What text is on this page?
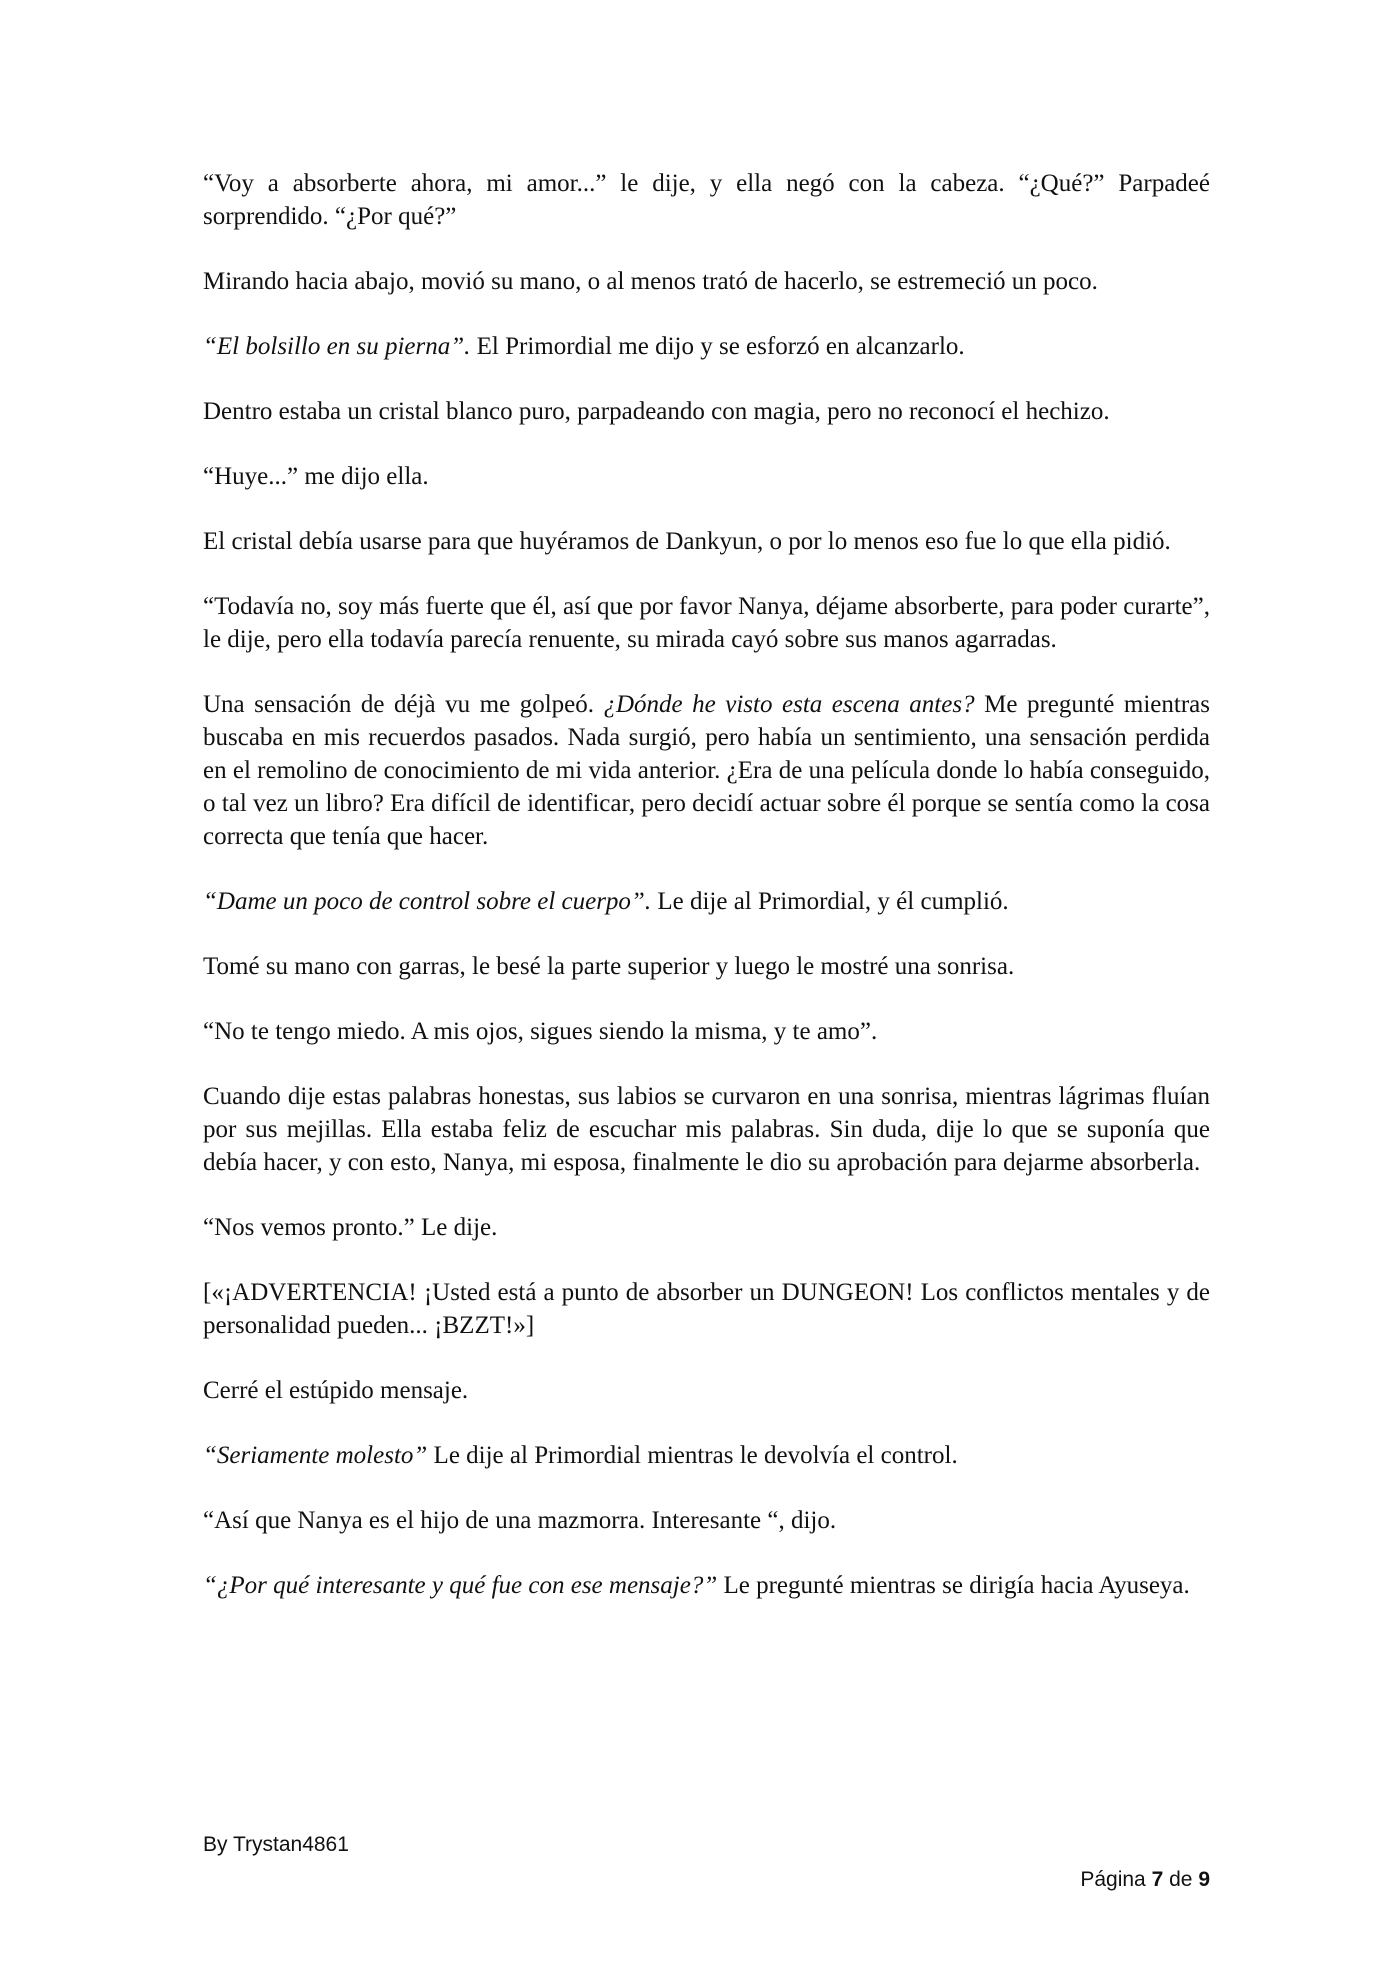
“Voy a absorberte ahora, mi amor...” le dije, y ella negó con la cabeza. “¿Qué?” Parpadeé sorprendido. “¿Por qué?”

Mirando hacia abajo, movió su mano, o al menos trató de hacerlo, se estremeció un poco.

“El bolsillo en su pierna”. El Primordial me dijo y se esforzó en alcanzarlo.

Dentro estaba un cristal blanco puro, parpadeando con magia, pero no reconocí el hechizo.

“Huye...” me dijo ella.

El cristal debía usarse para que huyéramos de Dankyun, o por lo menos eso fue lo que ella pidió.

“Todavía no, soy más fuerte que él, así que por favor Nanya, déjame absorberte, para poder curarte”, le dije, pero ella todavía parecía renuente, su mirada cayó sobre sus manos agarradas.

Una sensación de déjà vu me golpeó. ¿Dónde he visto esta escena antes? Me pregunté mientras buscaba en mis recuerdos pasados. Nada surgió, pero había un sentimiento, una sensación perdida en el remolino de conocimiento de mi vida anterior. ¿Era de una película donde lo había conseguido, o tal vez un libro? Era difícil de identificar, pero decidí actuar sobre él porque se sentía como la cosa correcta que tenía que hacer.

“Dame un poco de control sobre el cuerpo”. Le dije al Primordial, y él cumplió.

Tomé su mano con garras, le besé la parte superior y luego le mostré una sonrisa.

“No te tengo miedo. A mis ojos, sigues siendo la misma, y te amo”.

Cuando dije estas palabras honestas, sus labios se curvaron en una sonrisa, mientras lágrimas fluían por sus mejillas. Ella estaba feliz de escuchar mis palabras. Sin duda, dije lo que se suponía que debía hacer, y con esto, Nanya, mi esposa, finalmente le dio su aprobación para dejarme absorberla.

“Nos vemos pronto.” Le dije.

[«¡ADVERTENCIA! ¡Usted está a punto de absorber un DUNGEON! Los conflictos mentales y de personalidad pueden... ¡BZZT!»]

Cerré el estúpido mensaje.

“Seriamente molesto” Le dije al Primordial mientras le devolvía el control.

“Así que Nanya es el hijo de una mazmorra. Interesante “, dijo.

“¿Por qué interesante y qué fue con ese mensaje?” Le pregunté mientras se dirigía hacia Ayuseya.

By Trystan4861
Página 7 de 9
